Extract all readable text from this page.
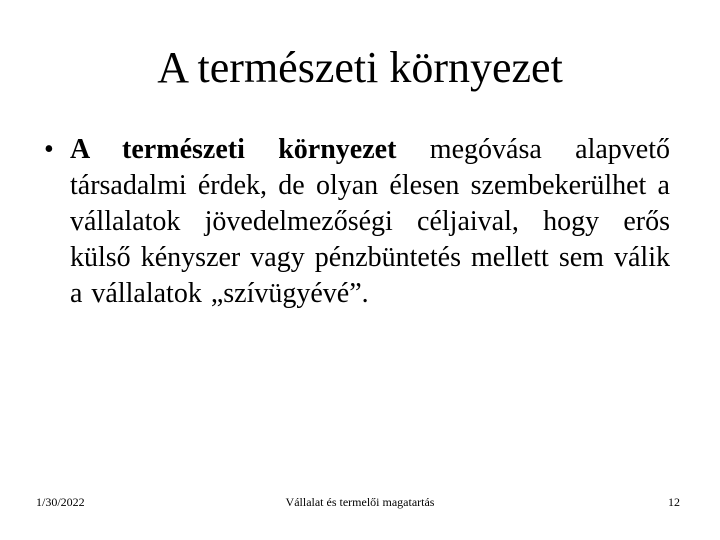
A természeti környezet
• A természeti környezet megóvása alapvető társadalmi érdek, de olyan élesen szembekerülhet a vállalatok jövedelmezőségi céljaival, hogy erős külső kényszer vagy pénzbüntetés mellett sem válik a vállalatok „szívügyévé”.
1/30/2022	Vállalat és termelői magatartás	12
